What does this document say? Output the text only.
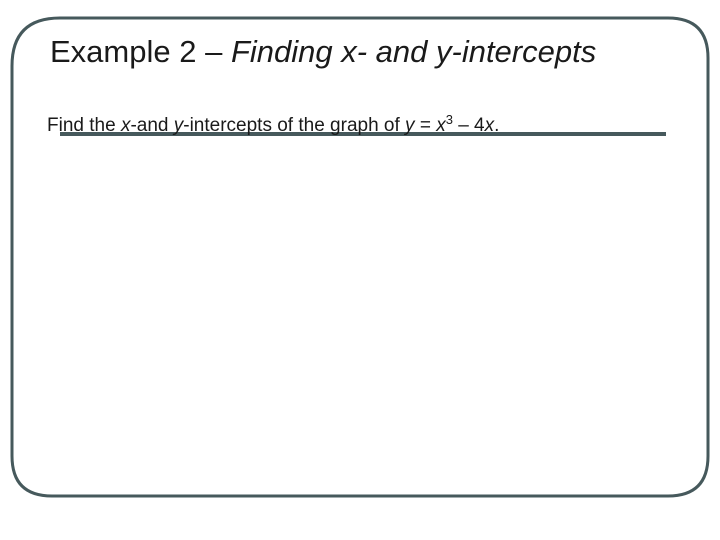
Example 2 – Finding x- and y-intercepts

Find the x-and y-intercepts of the graph of $y = x^3 - 4x$.
